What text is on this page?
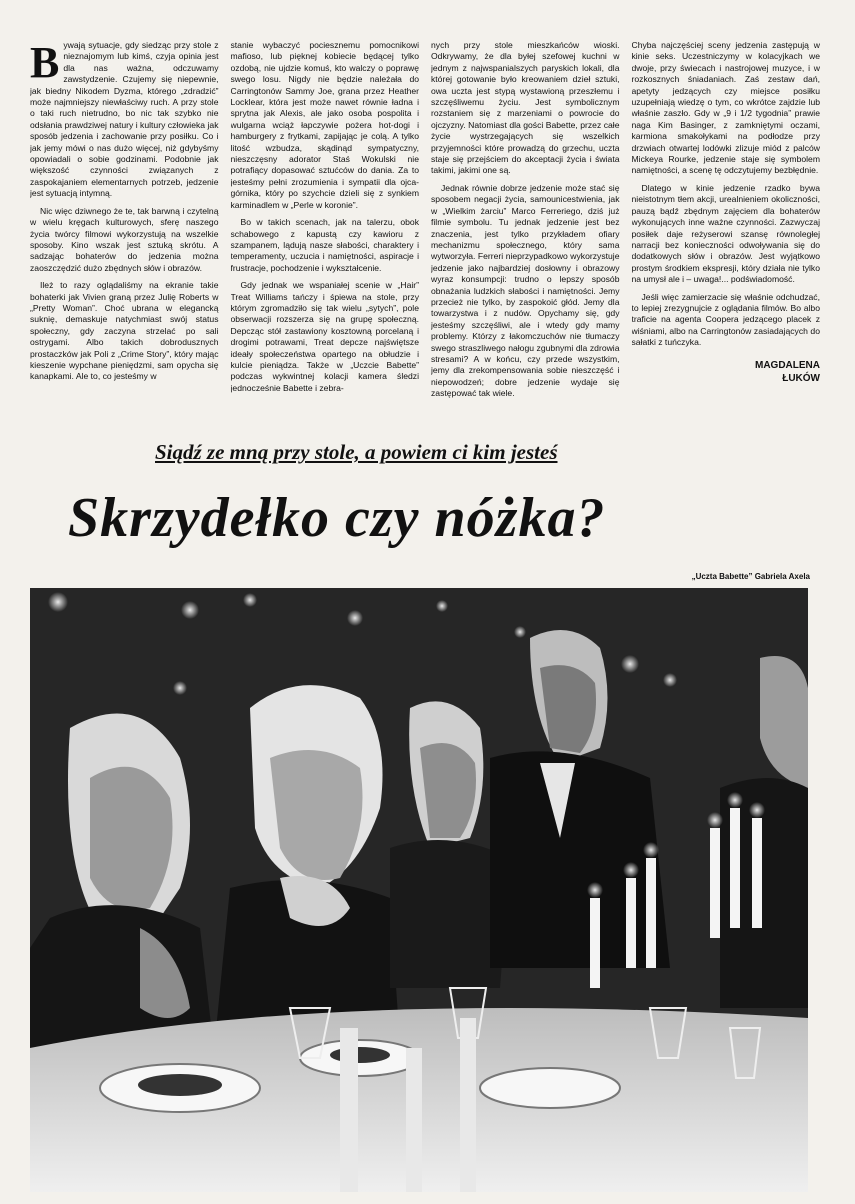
Bywają sytuacje, gdy siedząc przy stole z nieznajomym lub kimś, czyja opinia jest dla nas ważna, odczuwamy zawstydzenie. Czujemy się niepewnie, jak biedny Nikodem Dyzma, którego „zdradzić” może najmniejszy niewłaściwy ruch. A przy stole o taki ruch nietrudno, bo nic tak szybko nie odsłania prawdziwej natury i kultury człowieka jak sposób jedzenia i zachowanie przy posiłku. Co i jak jemy mówi o nas dużo więcej, niż gdybyśmy opowiadali o sobie godzinami. Podobnie jak większość czynności związanych z zaspokajaniem elementarnych potrzeb, jedzenie jest sytuacją intymną.

Nic więc dziwnego że te, tak barwną i czytelną w wielu kręgach kulturowych, sferę naszego życia twórcy filmowi wykorzystują na wszelkie sposoby. Kino wszak jest sztuką skrótu. A sadzając bohaterów do jedzenia można zaoszczędzić dużo zbędnych słów i obrazów.

Ileż to razy oglądaliśmy na ekranie takie bohaterki jak Vivien graną przez Julię Roberts w „Pretty Woman”. Choć ubrana w elegancką suknię, demaskuje natychmiast swój status społeczny, gdy zaczyna strzelać po sali ostrygami. Albo takich dobrodusznych prostaczków jak Poli z „Crime Story”, który mając kieszenie wypchane pieniędzmi, sam opycha się kanapkami. Ale to, co jesteśmy w

stanie wybaczyć pociesznemu pomocnikowi mafioso, lub pięknej kobiecie będącej tylko ozdobą, nie ujdzie komuś, kto walczy o poprawę swego losu. Nigdy nie będzie należała do Carringtonów Sammy Joe, grana przez Heather Locklear, która jest może nawet równie ładna i sprytna jak Alexis, ale jako osoba pospolita i wulgarna wciąż łapczywie pożera hot-dogi i hamburgery z frytkami, zapijając je colą. A tylko litość wzbudza, skądinąd sympatyczny, nieszczęsny adorator Staś Wokulski nie potrafiący dopasować sztućców do dania. Za to jesteśmy pełni zrozumienia i sympatii dla ojca-górnika, który po szychcie dzieli się z synkiem karminadlem w „Perle w koronie”.

Bo w takich scenach, jak na talerzu, obok schabowego z kapustą czy kawioru z szampanem, lądują nasze słabości, charaktery i temperamenty, uczucia i namiętności, aspiracje i frustracje, pochodzenie i wykształcenie.

Gdy jednak we wspaniałej scenie w „Hair” Treat Williams tańczy i śpiewa na stole, przy którym zgromadziło się tak wielu „sytych”, pole obserwacji rozszerza się na grupę społeczną. Depcząc stół zastawiony kosztowną porcelaną i drogimi potrawami, Treat depcze najświętsze ideały społeczeństwa opartego na obłudzie i kulcie pieniądza. Także w „Uczcie Babette” podczas wykwintnej kolacji kamera śledzi jednocześnie Babette i zebra-

nych przy stole mieszkańców wioski. Odkrywamy, że dla byłej szefowej kuchni w jednym z najwspanialszych paryskich lokali, dla której gotowanie było kreowaniem dzieł sztuki, owa uczta jest stypą wystawioną przeszłemu i szczęśliwemu życiu. Jest symbolicznym rozstaniem się z marzeniami o powrocie do ojczyzny. Natomiast dla gości Babette, przez całe życie wystrzegających się wszelkich przyjemności które prowadzą do grzechu, uczta staje się przejściem do akceptacji życia i świata takimi, jakimi one są.

Jednak równie dobrze jedzenie może stać się sposobem negacji życia, samounicestwienia, jak w „Wielkim żarciu” Marco Ferreriego, dziś już filmie symbolu. Tu jednak jedzenie jest bez znaczenia, jest tylko przykładem ofiary mechanizmu społecznego, który sama wytworzyła. Ferreri nieprzypadkowo wykorzystuje jedzenie jako najbardziej dosłowny i obrazowy wyraz konsumpcji: trudno o lepszy sposób obnażania ludzkich słabości i namiętności. Jemy przecież nie tylko, by zaspokoić głód. Jemy dla towarzystwa i z nudów. Opychamy się, gdy jesteśmy szczęśliwi, ale i wtedy gdy mamy problemy. Którzy z łakomczuchów nie tłumaczy swego straszliwego nałogu zgubnymi dla zdrowia stresami? A w końcu, czy przede wszystkim, jemy dla zrekompensowania sobie nieszczęść i niepowodzeń; dobre jedzenie wydaje się zastępować tak wiele.

Chyba najczęściej sceny jedzenia zastępują w kinie seks. Uczestniczymy w kolacyjkach we dwoje, przy świecach i nastrojowej muzyce, i w rozkosznych śniadaniach. Zaś zestaw dań, apetyty jedzących czy miejsce posiłku uzupełniają wiedzę o tym, co wkrótce zajdzie lub właśnie zaszło. Gdy w „9 i 1/2 tygodnia” prawie naga Kim Basinger, z zamkniętymi oczami, karmiona smakołykami na podłodze przy drzwiach otwartej lodówki zlizuje miód z palców Mickeya Rourke, jedzenie staje się symbolem namiętności, a scenę tę odczytujemy bezbłędnie.

Dlatego w kinie jedzenie rzadko bywa nieistotnym tłem akcji, urealnieniem okoliczności, pauzą bądź zbędnym zajęciem dla bohaterów wykonujących inne ważne czynności. Zazwyczaj posiłek daje reżyserowi szansę równoległej narracji bez konieczności odwoływania się do dodatkowych słów i obrazów. Jest wyjątkowo prostym środkiem ekspresji, który działa nie tylko na umysł ale i – uwaga!... podświadomość.

Jeśli więc zamierzacie się właśnie odchudzać, to lepiej zrezygnujcie z oglądania filmów. Bo albo traficie na agenta Coopera jedzącego placek z wiśniami, albo na Carringtonów zasiadających do sałatki z tuńczyka.

MAGDALENA
ŁUKÓW
Siądź ze mną przy stole, a powiem ci kim jesteś
Skrzydełko czy nóżka?
„Uczta Babette” Gabriela Axela
